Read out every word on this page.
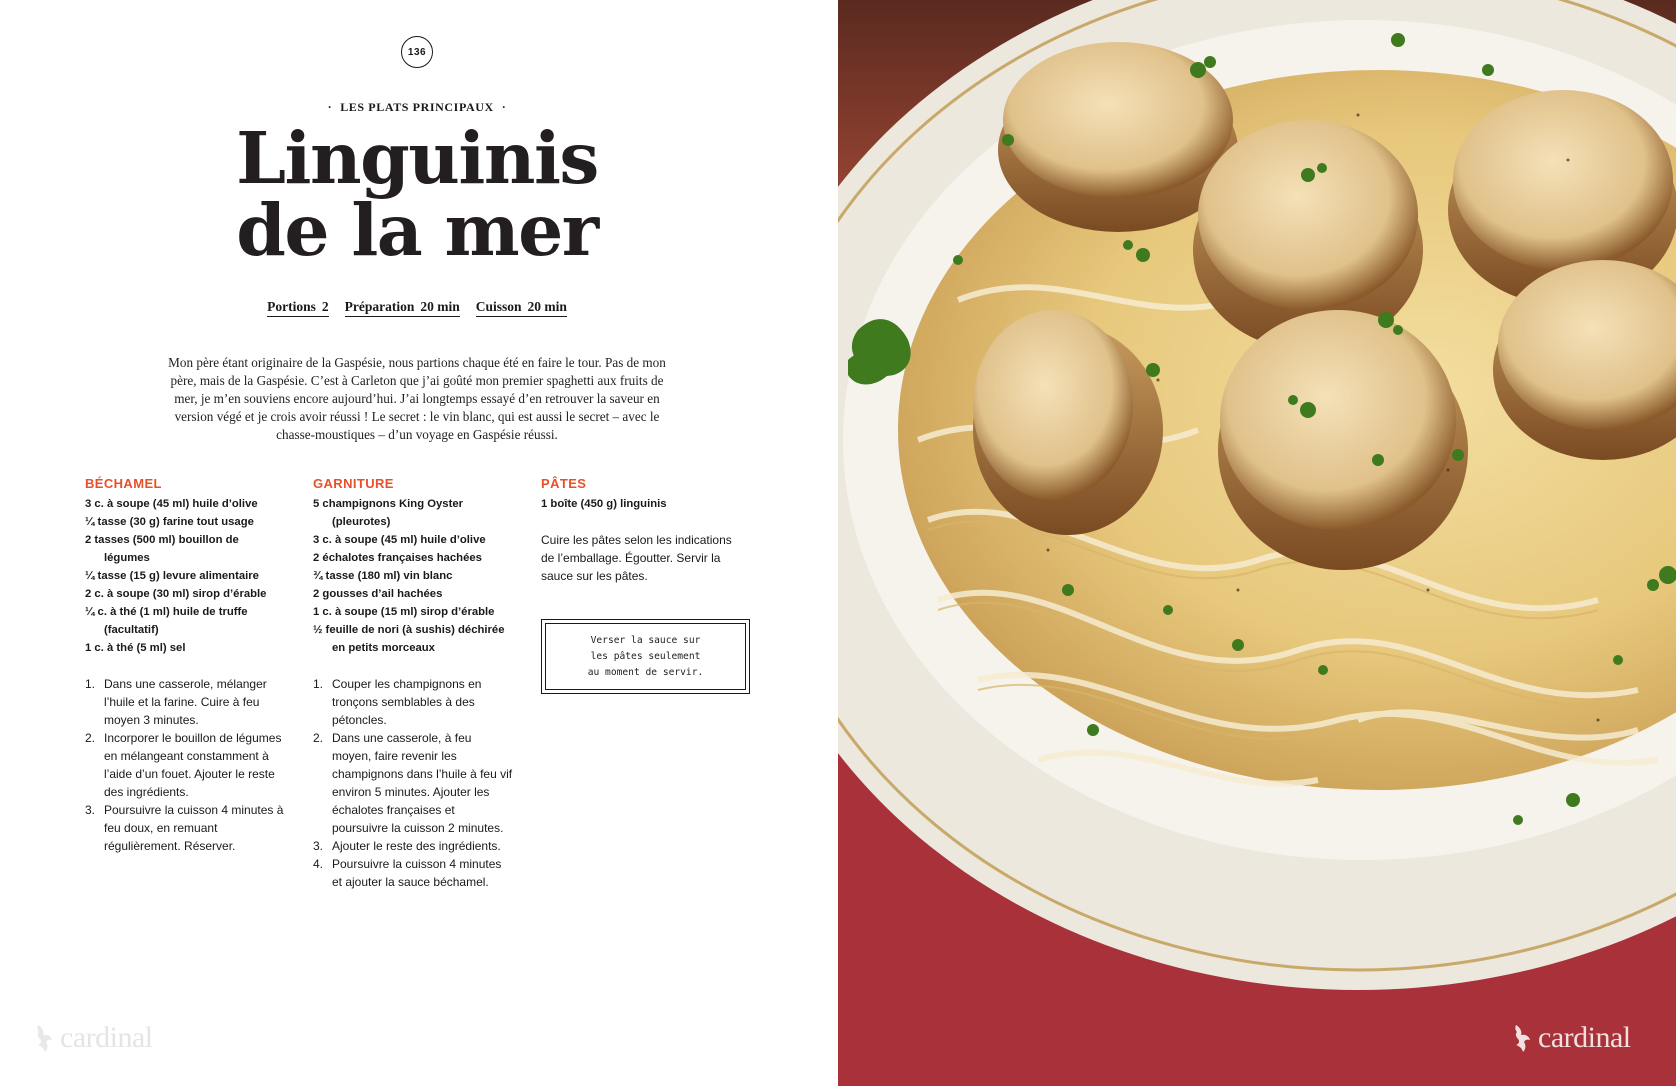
136
· LES PLATS PRINCIPAUX ·
Linguinis
de la mer
Portions 2 Préparation 20 min Cuisson 20 min

Mon père étant originaire de la Gaspésie, nous partions chaque été en faire le tour. Pas de mon père, mais de la Gaspésie. C’est à Carleton que j’ai goûté mon premier spaghetti aux fruits de mer, je m’en souviens encore aujourd’hui. J’ai longtemps essayé d’en retrouver la saveur en version végé et je crois avoir réussi ! Le secret : le vin blanc, qui est aussi le secret – avec le chasse-moustiques – d’un voyage en Gaspésie réussi.

BÉCHAMEL
3 c. à soupe (45 ml) huile d’olive
¼ tasse (30 g) farine tout usage
2 tasses (500 ml) bouillon de légumes
¼ tasse (15 g) levure alimentaire
2 c. à soupe (30 ml) sirop d’érable
¼ c. à thé (1 ml) huile de truffe (facultatif)
1 c. à thé (5 ml) sel
1. Dans une casserole, mélanger l’huile et la farine. Cuire à feu moyen 3 minutes.
2. Incorporer le bouillon de légumes en mélangeant constamment à l’aide d’un fouet. Ajouter le reste des ingrédients.
3. Poursuivre la cuisson 4 minutes à feu doux, en remuant régulièrement. Réserver.
GARNITURE
5 champignons King Oyster (pleurotes)
3 c. à soupe (45 ml) huile d’olive
2 échalotes françaises hachées
¾ tasse (180 ml) vin blanc
2 gousses d’ail hachées
1 c. à soupe (15 ml) sirop d’érable
½ feuille de nori (à sushis) déchirée en petits morceaux
1. Couper les champignons en tronçons semblables à des pétoncles.
2. Dans une casserole, à feu moyen, faire revenir les champignons dans l’huile à feu vif environ 5 minutes. Ajouter les échalotes françaises et poursuivre la cuisson 2 minutes.
3. Ajouter le reste des ingrédients.
4. Poursuivre la cuisson 4 minutes et ajouter la sauce béchamel.
PÂTES
1 boîte (450 g) linguinis

Cuire les pâtes selon les indications de l’emballage. Égoutter. Servir la sauce sur les pâtes.

Verser la sauce sur
les pâtes seulement
au moment de servir.
cardinal	cardinal
